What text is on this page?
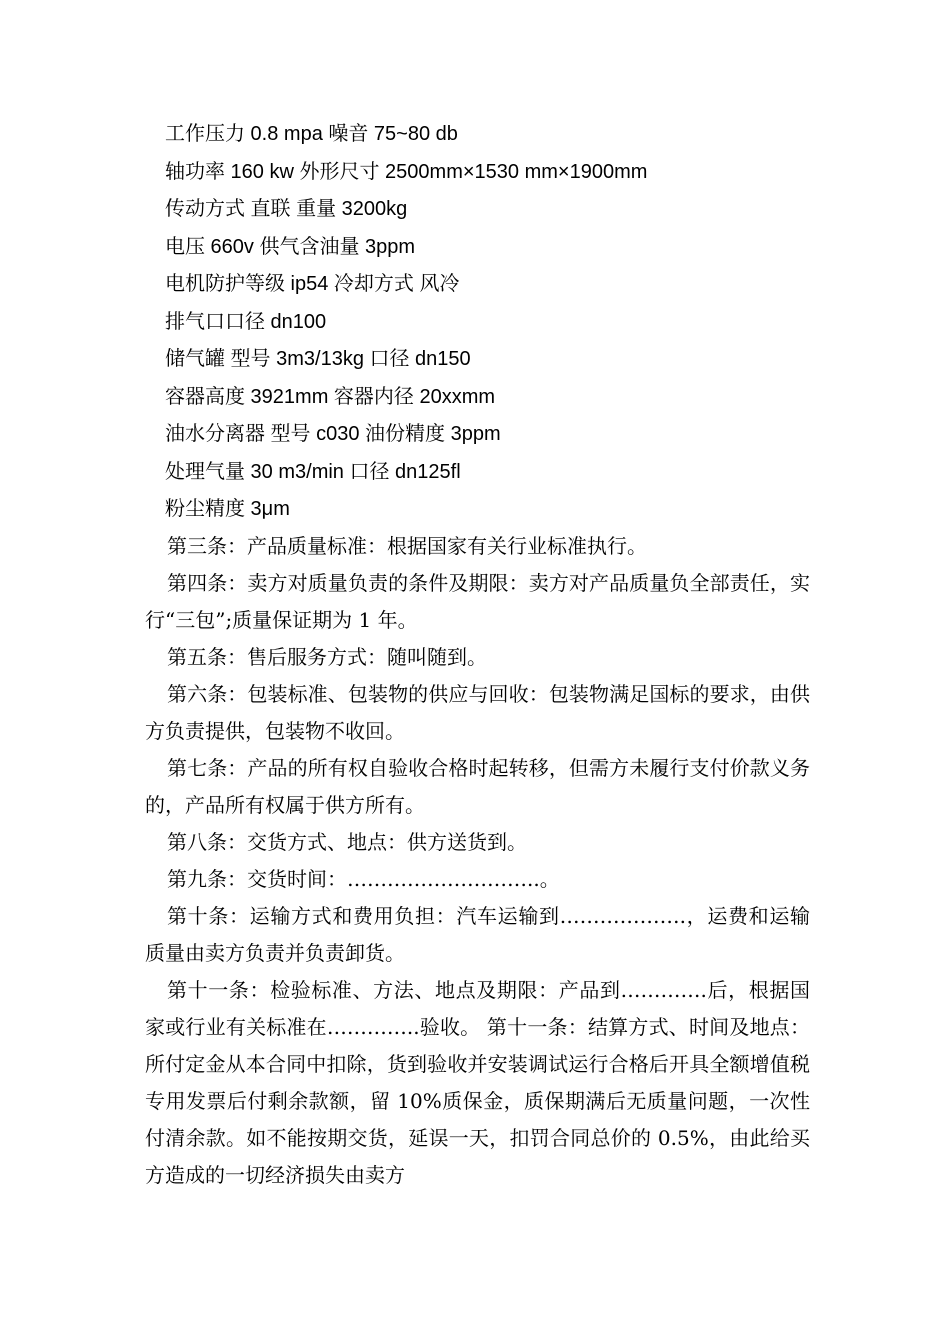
工作压力 0.8 mpa 噪音 75~80 db
轴功率 160 kw 外形尺寸 2500mm×1530 mm×1900mm
传动方式 直联 重量 3200kg
电压 660v 供气含油量 3ppm
电机防护等级 ip54 冷却方式 风冷
排气口口径 dn100
储气罐 型号 3m3/13kg 口径 dn150
容器高度 3921mm 容器内径 20xxmm
油水分离器 型号 c030 油份精度 3ppm
处理气量 30 m3/min 口径 dn125fl
粉尘精度 3μm

第三条：产品质量标准：根据国家有关行业标准执行。

第四条：卖方对质量负责的条件及期限：卖方对产品质量负全部责任，实行“三包”;质量保证期为 1 年。

第五条：售后服务方式：随叫随到。

第六条：包装标准、包装物的供应与回收：包装物满足国标的要求，由供方负责提供，包装物不收回。

第七条：产品的所有权自验收合格时起转移，但需方未履行支付价款义务的，产品所有权属于供方所有。

第八条：交货方式、地点：供方送货到。

第九条：交货时间：………………………..。

第十条：运输方式和费用负担：汽车运输到……………….，运费和运输质量由卖方负责并负责卸货。

第十一条：检验标准、方法、地点及期限：产品到………….后，根据国家或行业有关标准在…………..验收。 第十一条：结算方式、时间及地点：所付定金从本合同中扣除，货到验收并安装调试运行合格后开具全额增值税专用发票后付剩余款额，留 10%质保金，质保期满后无质量问题，一次性付清余款。如不能按期交货，延误一天，扣罚合同总价的 0.5%，由此给买方造成的一切经济损失由卖方
